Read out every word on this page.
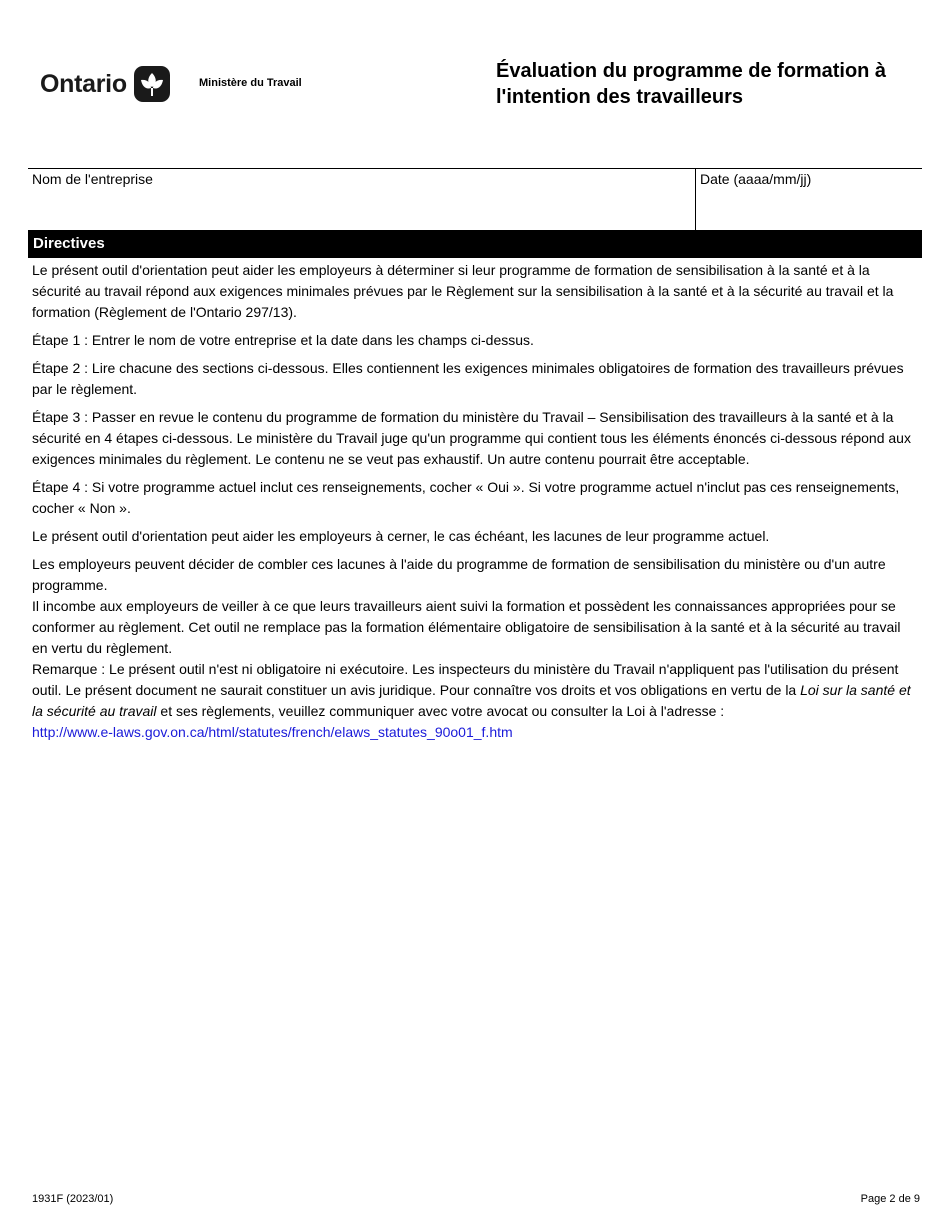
Ontario	Ministère du Travail
Évaluation du programme de formation à l'intention des travailleurs
Nom de l'entreprise	Date (aaaa/mm/jj)
Directives

Le présent outil d'orientation peut aider les employeurs à déterminer si leur programme de formation de sensibilisation à la santé et à la sécurité au travail répond aux exigences minimales prévues par le Règlement sur la sensibilisation à la santé et à la sécurité au travail et la formation (Règlement de l'Ontario 297/13).

Étape 1 : Entrer le nom de votre entreprise et la date dans les champs ci-dessus.

Étape 2 : Lire chacune des sections ci-dessous. Elles contiennent les exigences minimales obligatoires de formation des travailleurs prévues par le règlement.

Étape 3 : Passer en revue le contenu du programme de formation du ministère du Travail – Sensibilisation des travailleurs à la santé et à la sécurité en 4 étapes ci-dessous. Le ministère du Travail juge qu'un programme qui contient tous les éléments énoncés ci-dessous répond aux exigences minimales du règlement. Le contenu ne se veut pas exhaustif. Un autre contenu pourrait être acceptable.

Étape 4 : Si votre programme actuel inclut ces renseignements, cocher « Oui ». Si votre programme actuel n'inclut pas ces renseignements, cocher « Non ».

Le présent outil d'orientation peut aider les employeurs à cerner, le cas échéant, les lacunes de leur programme actuel.

Les employeurs peuvent décider de combler ces lacunes à l'aide du programme de formation de sensibilisation du ministère ou d'un autre programme.

Il incombe aux employeurs de veiller à ce que leurs travailleurs aient suivi la formation et possèdent les connaissances appropriées pour se conformer au règlement. Cet outil ne remplace pas la formation élémentaire obligatoire de sensibilisation à la santé et à la sécurité au travail en vertu du règlement.

Remarque : Le présent outil n'est ni obligatoire ni exécutoire. Les inspecteurs du ministère du Travail n'appliquent pas l'utilisation du présent outil. Le présent document ne saurait constituer un avis juridique. Pour connaître vos droits et vos obligations en vertu de la Loi sur la santé et la sécurité au travail et ses règlements, veuillez communiquer avec votre avocat ou consulter la Loi à l'adresse :

http://www.e-laws.gov.on.ca/html/statutes/french/elaws_statutes_90o01_f.htm
1931F (2023/01)	Page 2 de 9
